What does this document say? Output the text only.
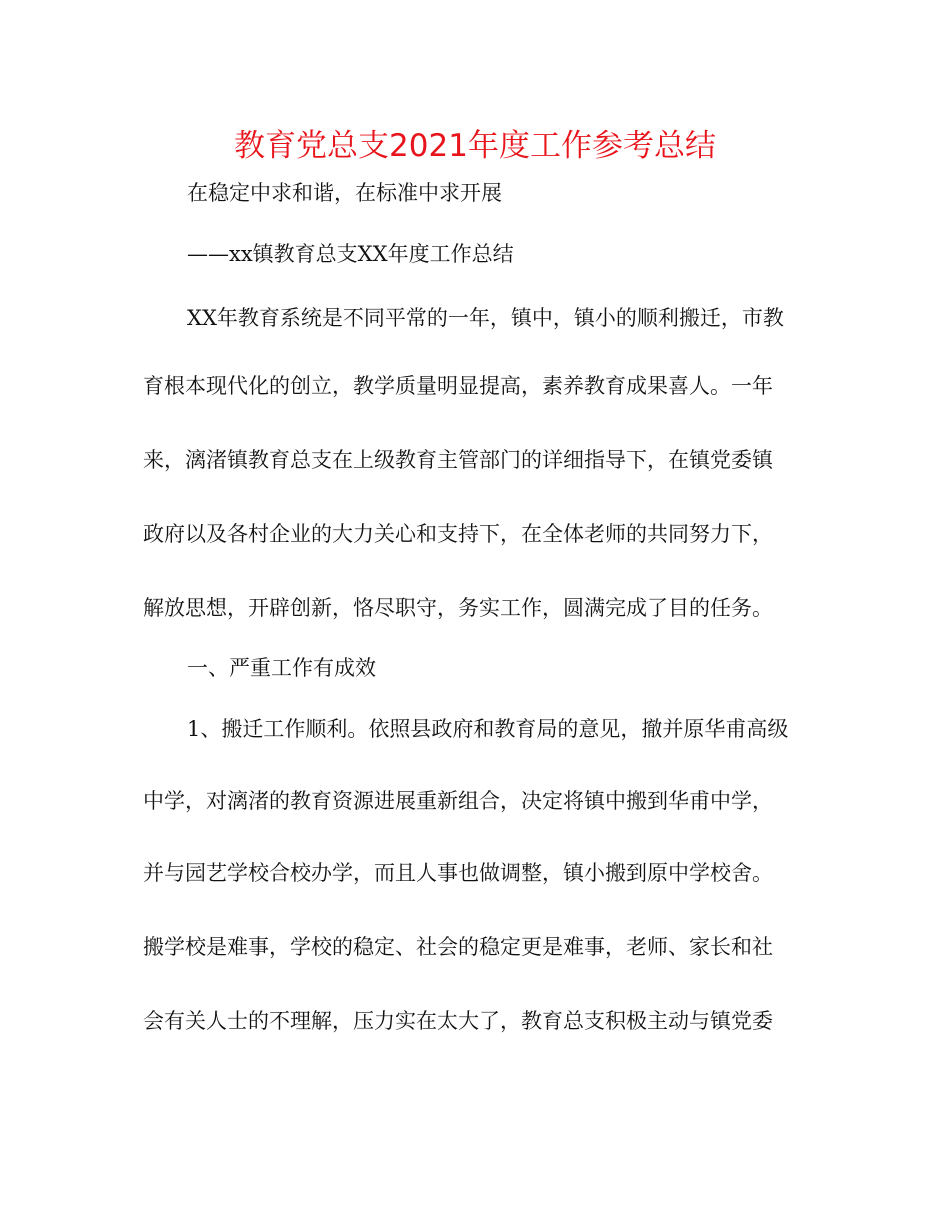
教育党总支2021年度工作参考总结
在稳定中求和谐，在标准中求开展
——xx镇教育总支XX年度工作总结
XX年教育系统是不同平常的一年，镇中，镇小的顺利搬迁，市教
育根本现代化的创立，教学质量明显提高，素养教育成果喜人。一年
来，漓渚镇教育总支在上级教育主管部门的详细指导下，在镇党委镇
政府以及各村企业的大力关心和支持下，在全体老师的共同努力下，
解放思想，开辟创新，恪尽职守，务实工作，圆满完成了目的任务。
一、严重工作有成效
1、搬迁工作顺利。依照县政府和教育局的意见，撤并原华甫高级
中学，对漓渚的教育资源进展重新组合，决定将镇中搬到华甫中学，
并与园艺学校合校办学，而且人事也做调整，镇小搬到原中学校舍。
搬学校是难事，学校的稳定、社会的稳定更是难事，老师、家长和社
会有关人士的不理解，压力实在太大了，教育总支积极主动与镇党委
